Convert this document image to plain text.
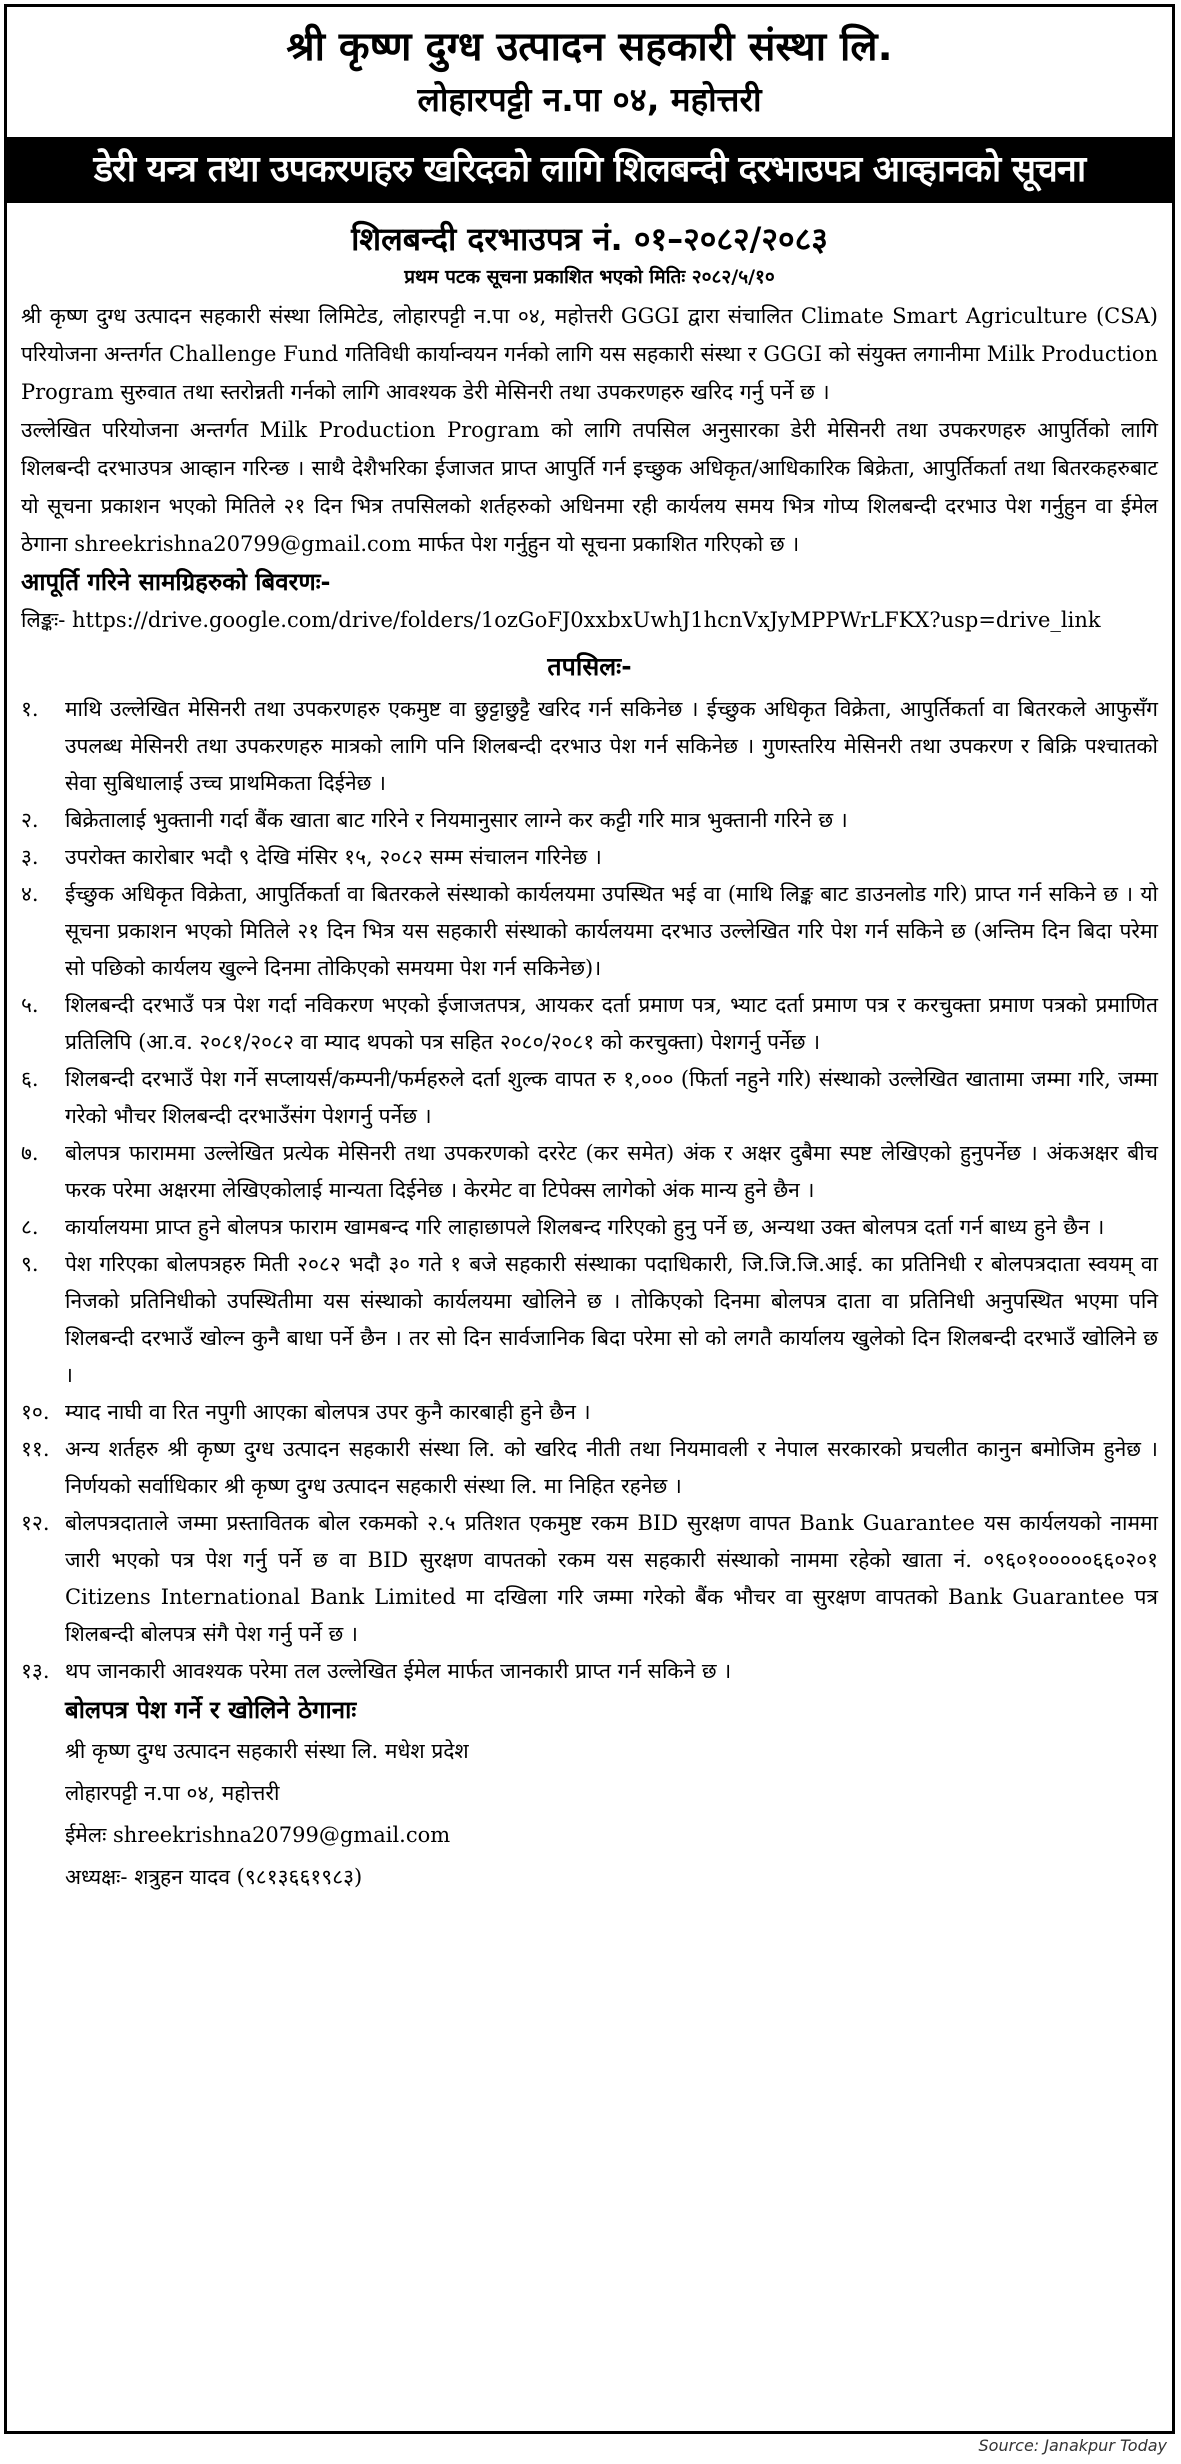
श्री कृष्ण दुग्ध उत्पादन सहकारी संस्था लि.
लोहारपट्टी न.पा ०४, महोत्तरी
डेरी यन्त्र तथा उपकरणहरु खरिदको लागि शिलबन्दी दरभाउपत्र आव्हानको सूचना
शिलबन्दी दरभाउपत्र नं. ०१–२०८२/२०८३
प्रथम पटक सूचना प्रकाशित भएको मितिः २०८२/५/१०

श्री कृष्ण दुग्ध उत्पादन सहकारी संस्था लिमिटेड, लोहारपट्टी न.पा ०४, महोत्तरी GGGI द्वारा संचालित Climate Smart Agriculture (CSA) परियोजना अन्तर्गत Challenge Fund गतिविधी कार्यान्वयन गर्नको लागि यस सहकारी संस्था र GGGI को संयुक्त लगानीमा Milk Production Program सुरुवात तथा स्तरोन्नती गर्नको लागि आवश्यक डेरी मेसिनरी तथा उपकरणहरु खरिद गर्नु पर्ने छ ।

उल्लेखित परियोजना अन्तर्गत Milk Production Program को लागि तपसिल अनुसारका डेरी मेसिनरी तथा उपकरणहरु आपुर्तिको लागि शिलबन्दी दरभाउपत्र आव्हान गरिन्छ । साथै देशैभरिका ईजाजत प्राप्त आपुर्ति गर्न इच्छुक अधिकृत/आधिकारिक बिक्रेता, आपुर्तिकर्ता तथा बितरकहरुबाट यो सूचना प्रकाशन भएको मितिले २१ दिन भित्र तपसिलको शर्तहरुको अधिनमा रही कार्यलय समय भित्र गोप्य शिलबन्दी दरभाउ पेश गर्नुहुन वा ईमेल ठेगाना shreekrishna20799@gmail.com मार्फत पेश गर्नुहुन यो सूचना प्रकाशित गरिएको छ ।

आपूर्ति गरिने सामग्रिहरुको बिवरणः-
लिङ्कः- https://drive.google.com/drive/folders/1ozGoFJ0xxbxUwhJ1hcnVxJyMPPWrLFKX?usp=drive_link
तपसिलः-
१.	माथि उल्लेखित मेसिनरी तथा उपकरणहरु एकमुष्ट वा छुट्टाछुट्टै खरिद गर्न सकिनेछ । ईच्छुक अधिकृत विक्रेता, आपुर्तिकर्ता वा बितरकले आफुसँग उपलब्ध मेसिनरी तथा उपकरणहरु मात्रको लागि पनि शिलबन्दी दरभाउ पेश गर्न सकिनेछ । गुणस्तरिय मेसिनरी तथा उपकरण र बिक्रि पश्चातको सेवा सुबिधालाई उच्च प्राथमिकता दिईनेछ ।
२.	बिक्रेतालाई भुक्तानी गर्दा बैंक खाता बाट गरिने र नियमानुसार लाग्ने कर कट्टी गरि मात्र भुक्तानी गरिने छ ।
३.	उपरोक्त कारोबार भदौ ९ देखि मंसिर १५, २०८२ सम्म संचालन गरिनेछ ।
४.	ईच्छुक अधिकृत विक्रेता, आपुर्तिकर्ता वा बितरकले संस्थाको कार्यलयमा उपस्थित भई वा (माथि लिङ्क बाट डाउनलोड गरि) प्राप्त गर्न सकिने छ । यो सूचना प्रकाशन भएको मितिले २१ दिन भित्र यस सहकारी संस्थाको कार्यलयमा दरभाउ उल्लेखित गरि पेश गर्न सकिने छ (अन्तिम दिन बिदा परेमा सो पछिको कार्यलय खुल्ने दिनमा तोकिएको समयमा पेश गर्न सकिनेछ)।
५.	शिलबन्दी दरभाउँ पत्र पेश गर्दा नविकरण भएको ईजाजतपत्र, आयकर दर्ता प्रमाण पत्र, भ्याट दर्ता प्रमाण पत्र र करचुक्ता प्रमाण पत्रको प्रमाणित प्रतिलिपि (आ.व. २०८१/२०८२ वा म्याद थपको पत्र सहित २०८०/२०८१ को करचुक्ता) पेशगर्नु पर्नेछ ।
६.	शिलबन्दी दरभाउँ पेश गर्ने सप्लायर्स/कम्पनी/फर्महरुले दर्ता शुल्क वापत रु १,००० (फिर्ता नहुने गरि) संस्थाको उल्लेखित खातामा जम्मा गरि, जम्मा गरेको भौचर शिलबन्दी दरभाउँसंग पेशगर्नु पर्नेछ ।
७.	बोलपत्र फाराममा उल्लेखित प्रत्येक मेसिनरी तथा उपकरणको दररेट (कर समेत) अंक र अक्षर दुबैमा स्पष्ट लेखिएको हुनुपर्नेछ । अंकअक्षर बीच फरक परेमा अक्षरमा लेखिएकोलाई मान्यता दिईनेछ । केरमेट वा टिपेक्स लागेको अंक मान्य हुने छैन ।
८.	कार्यालयमा प्राप्त हुने बोलपत्र फाराम खामबन्द गरि लाहाछापले शिलबन्द गरिएको हुनु पर्ने छ, अन्यथा उक्त बोलपत्र दर्ता गर्न बाध्य हुने छैन ।
९.	पेश गरिएका बोलपत्रहरु मिती २०८२ भदौ ३० गते १ बजे सहकारी संस्थाका पदाधिकारी, जि.जि.जि.आई. का प्रतिनिधी र बोलपत्रदाता स्वयम् वा निजको प्रतिनिधीको उपस्थितीमा यस संस्थाको कार्यलयमा खोलिने छ । तोकिएको दिनमा बोलपत्र दाता वा प्रतिनिधी अनुपस्थित भएमा पनि शिलबन्दी दरभाउँ खोल्न कुनै बाधा पर्ने छैन । तर सो दिन सार्वजानिक बिदा परेमा सो को लगतै कार्यालय खुलेको दिन शिलबन्दी दरभाउँ खोलिने छ ।
१०. म्याद नाघी वा रित नपुगी आएका बोलपत्र उपर कुनै कारबाही हुने छैन ।
११. अन्य शर्तहरु श्री कृष्ण दुग्ध उत्पादन सहकारी संस्था लि. को खरिद नीती तथा नियमावली र नेपाल सरकारको प्रचलीत कानुन बमोजिम हुनेछ । निर्णयको सर्वाधिकार श्री कृष्ण दुग्ध उत्पादन सहकारी संस्था लि. मा निहित रहनेछ ।
१२. बोलपत्रदाताले जम्मा प्रस्तावितक बोल रकमको २.५ प्रतिशत एकमुष्ट रकम BID सुरक्षण वापत Bank Guarantee यस कार्यलयको नाममा जारी भएको पत्र पेश गर्नु पर्ने छ वा BID सुरक्षण वापतको रकम यस सहकारी संस्थाको नाममा रहेको खाता नं. ०९६०१०००००६६०२०१ Citizens International Bank Limited मा दखिला गरि जम्मा गरेको बैंक भौचर वा सुरक्षण वापतको Bank Guarantee पत्र शिलबन्दी बोलपत्र संगै पेश गर्नु पर्ने छ ।
१३. थप जानकारी आवश्यक परेमा तल उल्लेखित ईमेल मार्फत जानकारी प्राप्त गर्न सकिने छ ।
बोलपत्र पेश गर्ने र खोलिने ठेगानाः
श्री कृष्ण दुग्ध उत्पादन सहकारी संस्था लि. मधेश प्रदेश
लोहारपट्टी न.पा ०४, महोत्तरी
ईमेलः shreekrishna20799@gmail.com
अध्यक्षः- शत्रुहन यादव (९८१३६६१९८३)
Source: Janakpur Today
